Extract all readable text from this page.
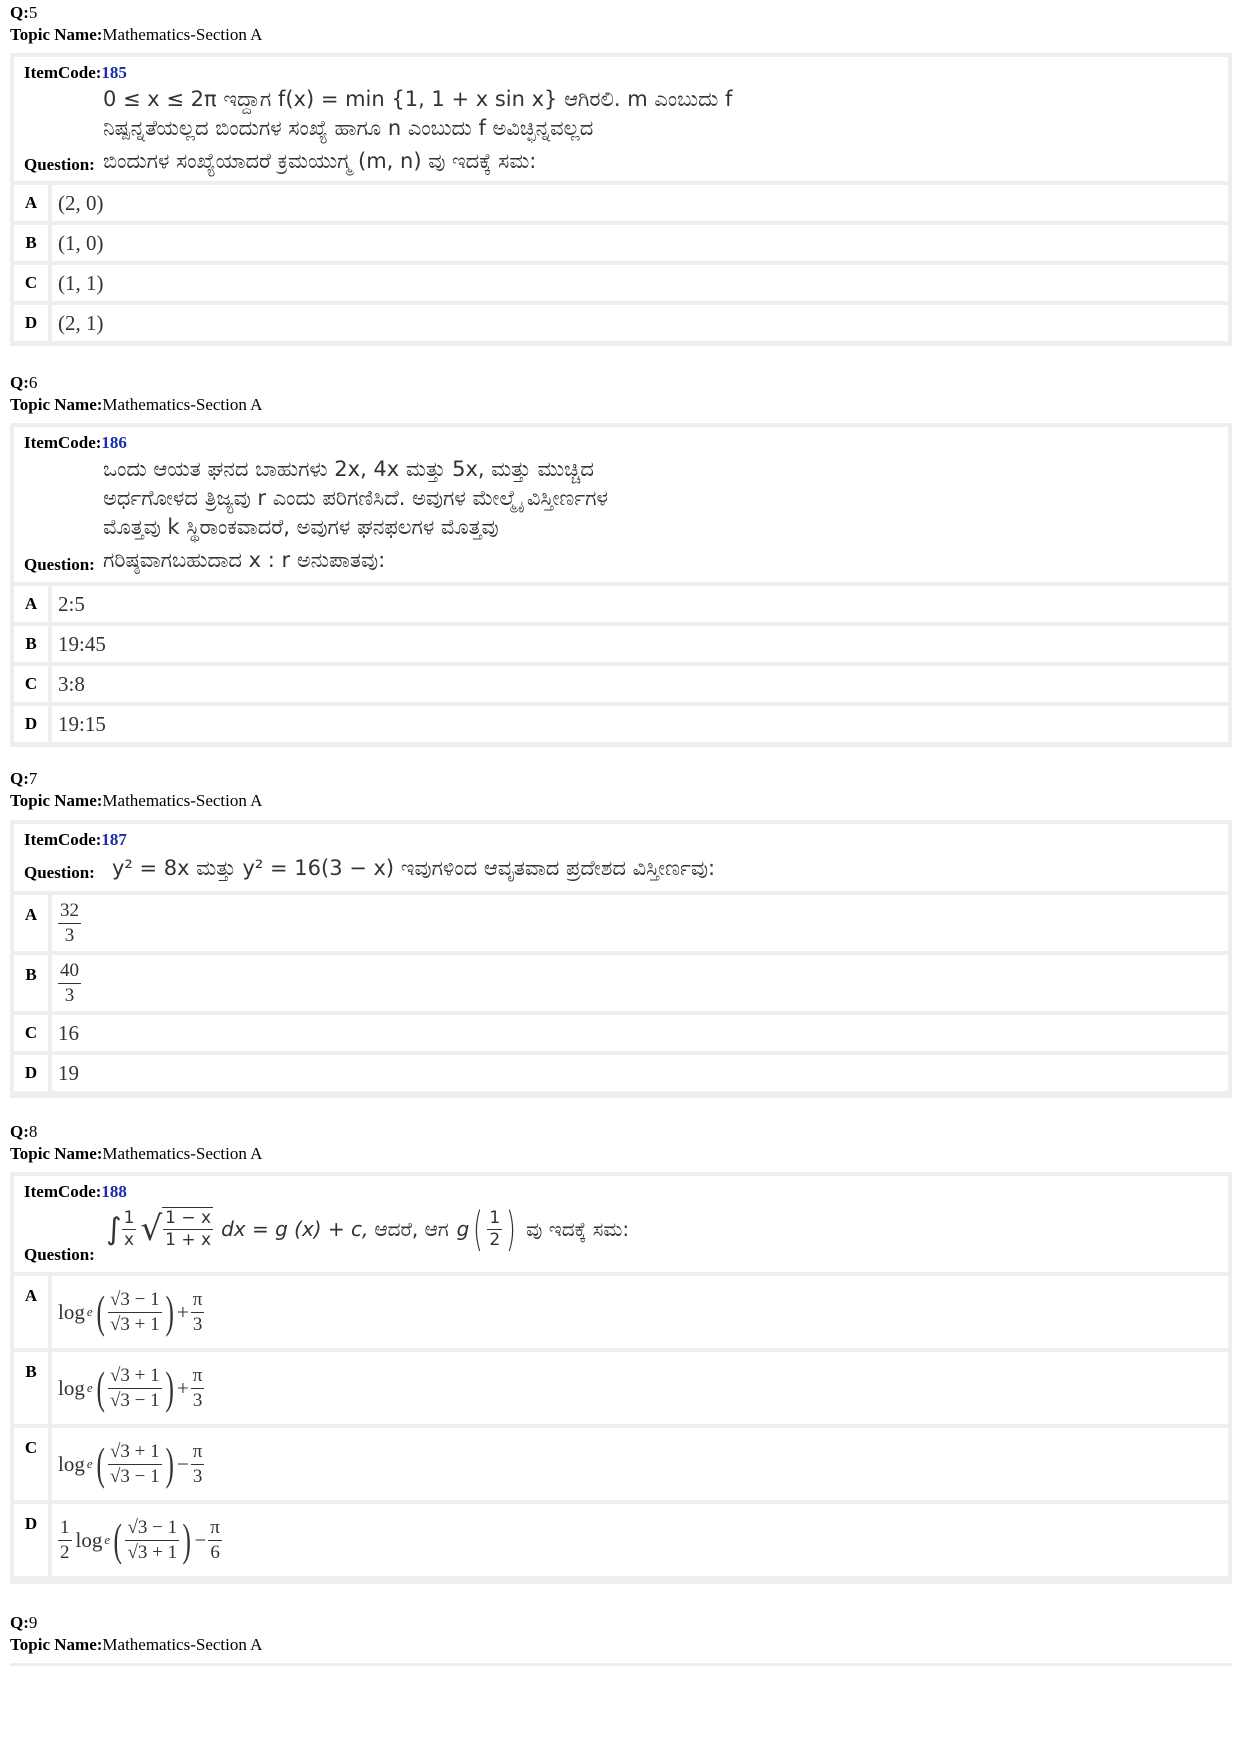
Q:5
Topic Name:Mathematics-Section A
ItemCode:185
0 ≤ x ≤ 2π ಇದ್ದಾಗ f(x) = min {1, 1 + x sin x} ಆಗಿರಲಿ. m ಎಂಬುದು f
ನಿಷ್ಪನ್ನತೆಯಲ್ಲದ ಬಿಂದುಗಳ ಸಂಖ್ಯೆ ಹಾಗೂ n ಎಂಬುದು f ಅವಿಚ್ಛಿನ್ನವಲ್ಲದ
Question: ಬಿಂದುಗಳ ಸಂಖ್ಯೆಯಾದರೆ ಕ್ರಮಯುಗ್ಮ (m, n) ವು ಇದಕ್ಕೆ ಸಮ:
A (2, 0)
B	(1, 0)
C (1, 1)
D (2, 1)
Q:6
Topic Name:Mathematics-Section A
ItemCode:186
ಒಂದು ಆಯತ ಘನದ ಬಾಹುಗಳು 2x, 4x ಮತ್ತು 5x, ಮತ್ತು ಮುಚ್ಚಿದ
ಅರ್ಧಗೋಳದ ತ್ರಿಜ್ಯವು r ಎಂದು ಪರಿಗಣಿಸಿದೆ. ಅವುಗಳ ಮೇಲ್ಮೈ ವಿಸ್ತೀರ್ಣಗಳ
ಮೊತ್ತವು k ಸ್ಥಿರಾಂಕವಾದರೆ, ಅವುಗಳ ಘನಫಲಗಳ ಮೊತ್ತವು
Question: ಗರಿಷ್ಠವಾಗಬಹುದಾದ x : r ಅನುಪಾತವು:
A 2:5
B	19:45
C 3:8
D 19:15
Q:7
Topic Name:Mathematics-Section A
ItemCode:187
Question: y² = 8x ಮತ್ತು y² = 16(3 − x) ಇವುಗಳಿಂದ ಆವೃತವಾದ ಪ್ರದೇಶದ ವಿಸ್ತೀರ್ಣವು:
A	$\frac{32}{3}$
B	$\frac{40}{3}$
C 16
D 19
Q:8
Topic Name:Mathematics-Section A
ItemCode:188
Question:
∫ $\frac{1}{x}$ √ $\frac{1 - x}{1 + x}$ dx = g (x) + c, ಆದರೆ, ಆಗ g ( $\frac{1}{2}$ ) ವು ಇದಕ್ಕೆ ಸಮ:
A
log e ( √ 3 − 1
√ 3 + 1 ) + $\frac{\pi}{3}$
B
log e ( √ 3 + 1
√ 3 − 1 ) + $\frac{\pi}{3}$
C
log e ( √ 3 + 1
√ 3 − 1 ) − $\frac{\pi}{3}$
D	$\frac{1}{2}$ log e ( √ 3 − 1
√ 3 + 1 ) − $\frac{\pi}{6}$
Q:9
Topic Name:Mathematics-Section A
